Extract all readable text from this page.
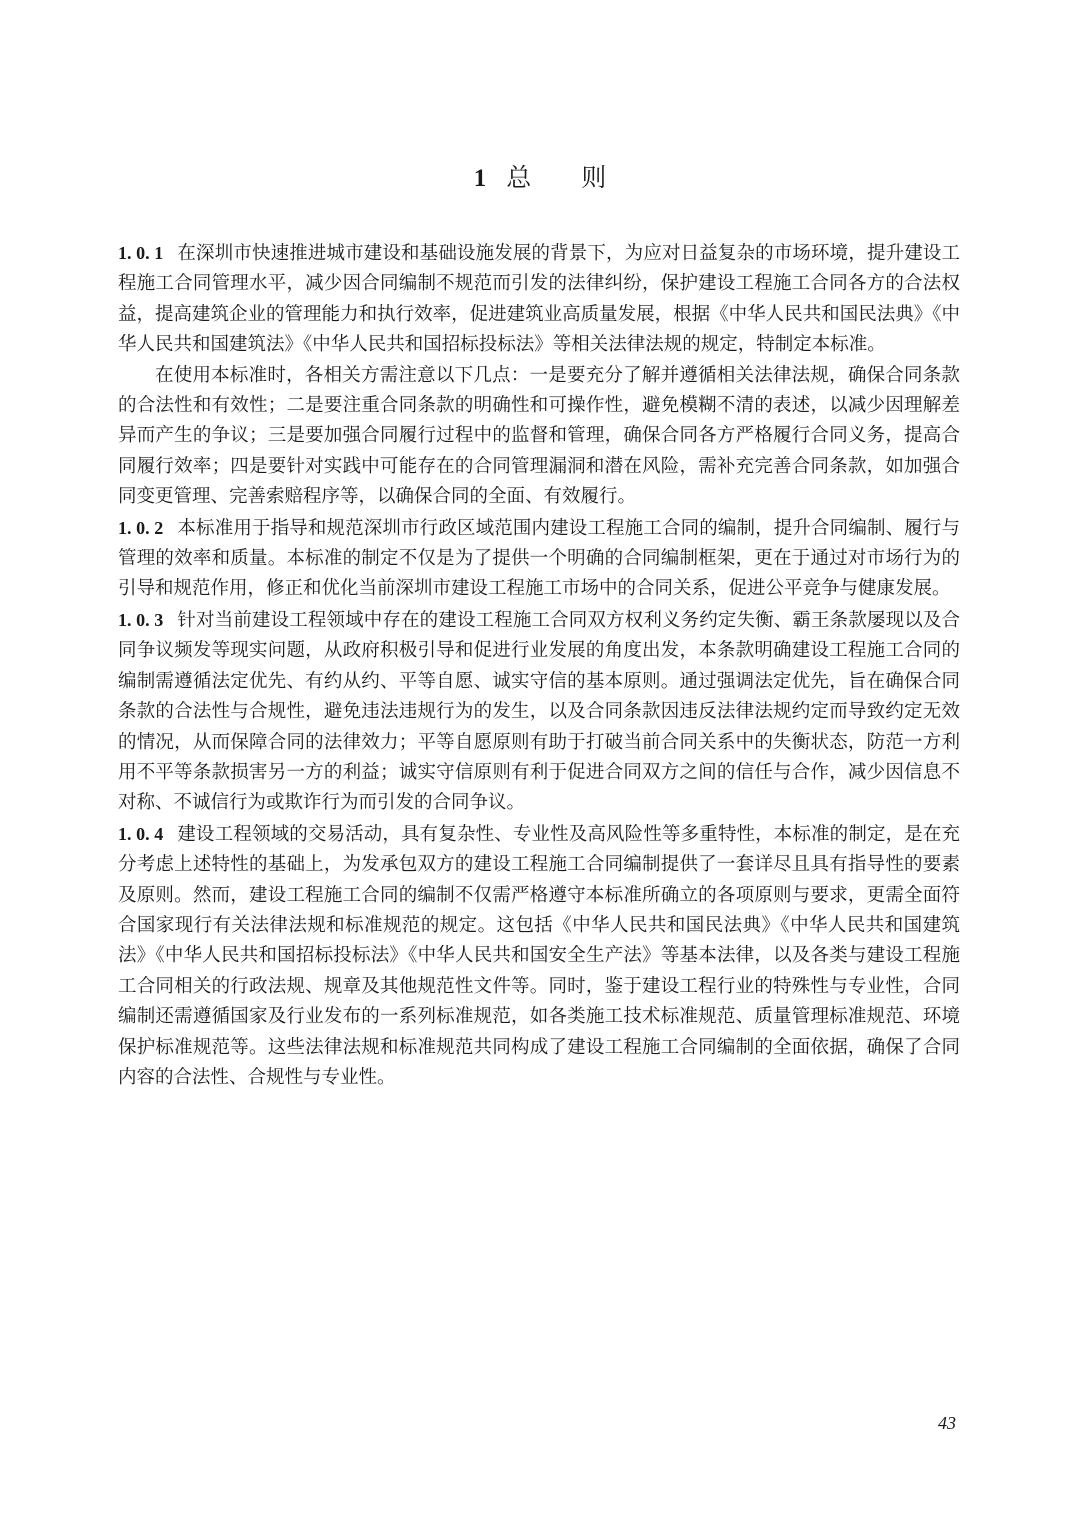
1 总则

1. 0. 1 在深圳市快速推进城市建设和基础设施发展的背景下，为应对日益复杂的市场环境，提升建设工程施工合同管理水平，减少因合同编制不规范而引发的法律纠纷，保护建设工程施工合同各方的合法权益，提高建筑企业的管理能力和执行效率，促进建筑业高质量发展，根据《中华人民共和国民法典》《中华人民共和国建筑法》《中华人民共和国招标投标法》等相关法律法规的规定，特制定本标准。

在使用本标准时，各相关方需注意以下几点：一是要充分了解并遵循相关法律法规，确保合同条款的合法性和有效性；二是要注重合同条款的明确性和可操作性，避免模糊不清的表述，以减少因理解差异而产生的争议；三是要加强合同履行过程中的监督和管理，确保合同各方严格履行合同义务，提高合同履行效率；四是要针对实践中可能存在的合同管理漏洞和潜在风险，需补充完善合同条款，如加强合同变更管理、完善索赔程序等，以确保合同的全面、有效履行。

1. 0. 2 本标准用于指导和规范深圳市行政区域范围内建设工程施工合同的编制，提升合同编制、履行与管理的效率和质量。本标准的制定不仅是为了提供一个明确的合同编制框架，更在于通过对市场行为的引导和规范作用，修正和优化当前深圳市建设工程施工市场中的合同关系，促进公平竞争与健康发展。

1. 0. 3 针对当前建设工程领域中存在的建设工程施工合同双方权利义务约定失衡、霸王条款屡现以及合同争议频发等现实问题，从政府积极引导和促进行业发展的角度出发，本条款明确建设工程施工合同的编制需遵循法定优先、有约从约、平等自愿、诚实守信的基本原则。通过强调法定优先，旨在确保合同条款的合法性与合规性，避免违法违规行为的发生，以及合同条款因违反法律法规约定而导致约定无效的情况，从而保障合同的法律效力；平等自愿原则有助于打破当前合同关系中的失衡状态，防范一方利用不平等条款损害另一方的利益；诚实守信原则有利于促进合同双方之间的信任与合作，减少因信息不对称、不诚信行为或欺诈行为而引发的合同争议。

1. 0. 4 建设工程领域的交易活动，具有复杂性、专业性及高风险性等多重特性，本标准的制定，是在充分考虑上述特性的基础上，为发承包双方的建设工程施工合同编制提供了一套详尽且具有指导性的要素及原则。然而，建设工程施工合同的编制不仅需严格遵守本标准所确立的各项原则与要求，更需全面符合国家现行有关法律法规和标准规范的规定。这包括《中华人民共和国民法典》《中华人民共和国建筑法》《中华人民共和国招标投标法》《中华人民共和国安全生产法》等基本法律，以及各类与建设工程施工合同相关的行政法规、规章及其他规范性文件等。同时，鉴于建设工程行业的特殊性与专业性，合同编制还需遵循国家及行业发布的一系列标准规范，如各类施工技术标准规范、质量管理标准规范、环境保护标准规范等。这些法律法规和标准规范共同构成了建设工程施工合同编制的全面依据，确保了合同内容的合法性、合规性与专业性。

43
